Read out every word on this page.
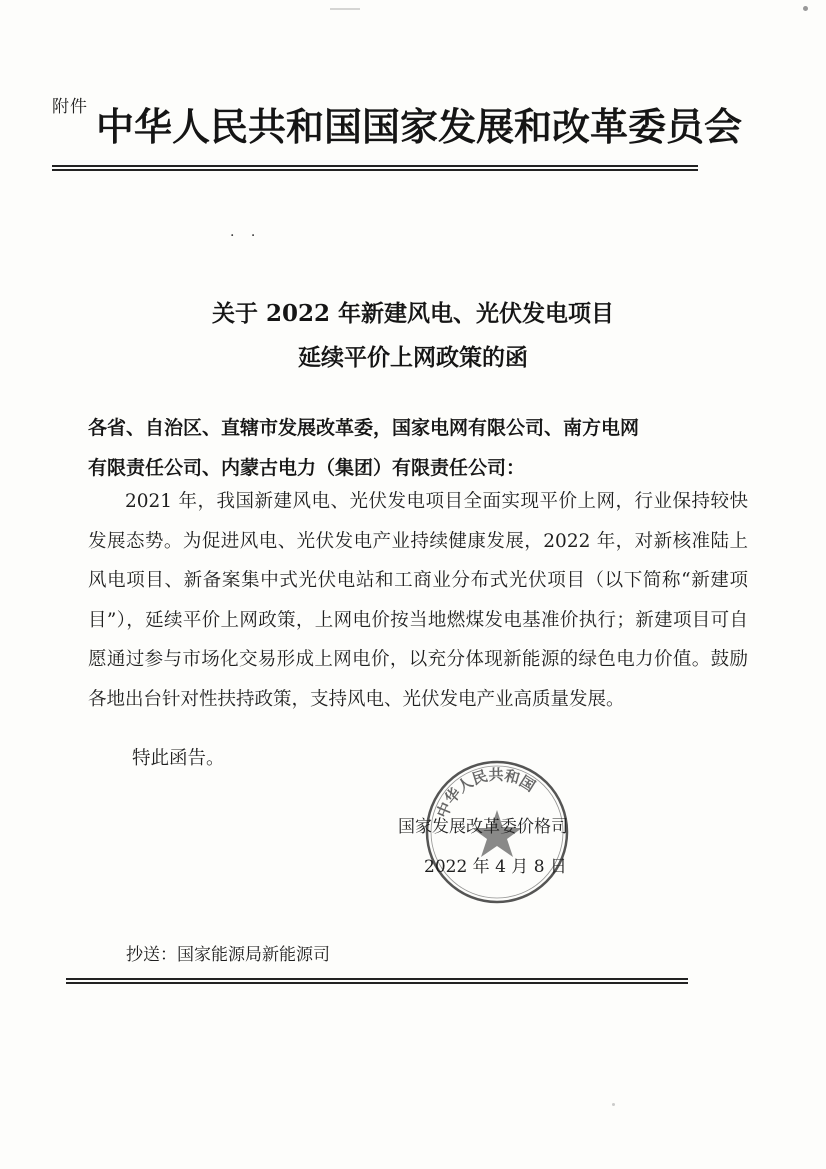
附件 中华人民共和国国家发展和改革委员会
· ·
关于 2022 年新建风电、光伏发电项目
延续平价上网政策的函
各省、自治区、直辖市发展改革委，国家电网有限公司、南方电网
有限责任公司、内蒙古电力（集团）有限责任公司：

2021 年，我国新建风电、光伏发电项目全面实现平价上网，行业保持较快发展态势。为促进风电、光伏发电产业持续健康发展，2022 年，对新核准陆上风电项目、新备案集中式光伏电站和工商业分布式光伏项目（以下简称“新建项目”），延续平价上网政策，上网电价按当地燃煤发电基准价执行；新建项目可自愿通过参与市场化交易形成上网电价，以充分体现新能源的绿色电力价值。鼓励各地出台针对性扶持政策，支持风电、光伏发电产业高质量发展。

特此函告。
中华人民共和国
国家发展改革委价格司
2022 年 4 月 8 日
抄送：国家能源局新能源司
